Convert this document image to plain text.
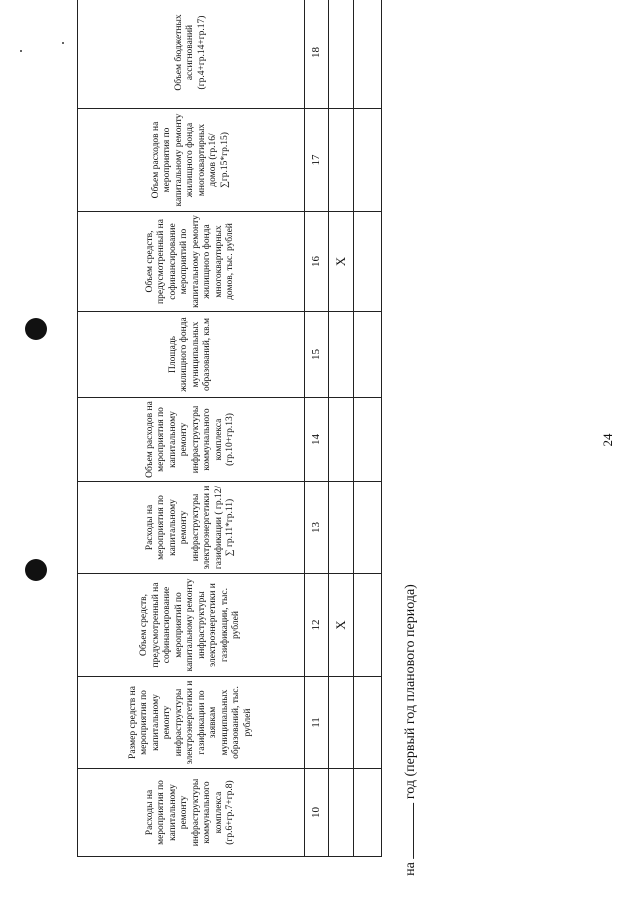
Расходы на мероприятия по капитальному ремонту инфраструктуры коммунального комплекса (гр.6+гр.7+гр.8)	Размер средств на мероприятия по капитальному ремонту инфраструктуры электроэнергетики и газификации по заявкам муниципальных образований, тыс. рублей	Объем средств, предусмотренный на софинансирование мероприятий по капитальному ремонту инфраструктуры электроэнергетики и газификации, тыс. рублей	Расходы на мероприятия по капитальному ремонту инфраструктуры электроэнергетики и газификации ( гр.12/∑ гр.11*гр.11)	Объем расходов на мероприятия по капитальному ремонту инфраструктуры коммунального комплекса (гр.10+гр.13)	Площадь жилищного фонда муниципальных образований, кв.м	Объем средств, предусмотренный на софинансирование мероприятий по капитальному ремонту жилищного фонда многоквартирных домов, тыс. рублей	Объем расходов на мероприятия по капитальному ремонту жилищного фонда многоквартирных домов (гр.16/∑гр.15*гр.15)	Объем бюджетных ассигнований (гр.4+гр.14+гр.17)

10	11	12	13	14	15	16	17	18
		Х				Х		

24
на  год (первый год планового периода)
